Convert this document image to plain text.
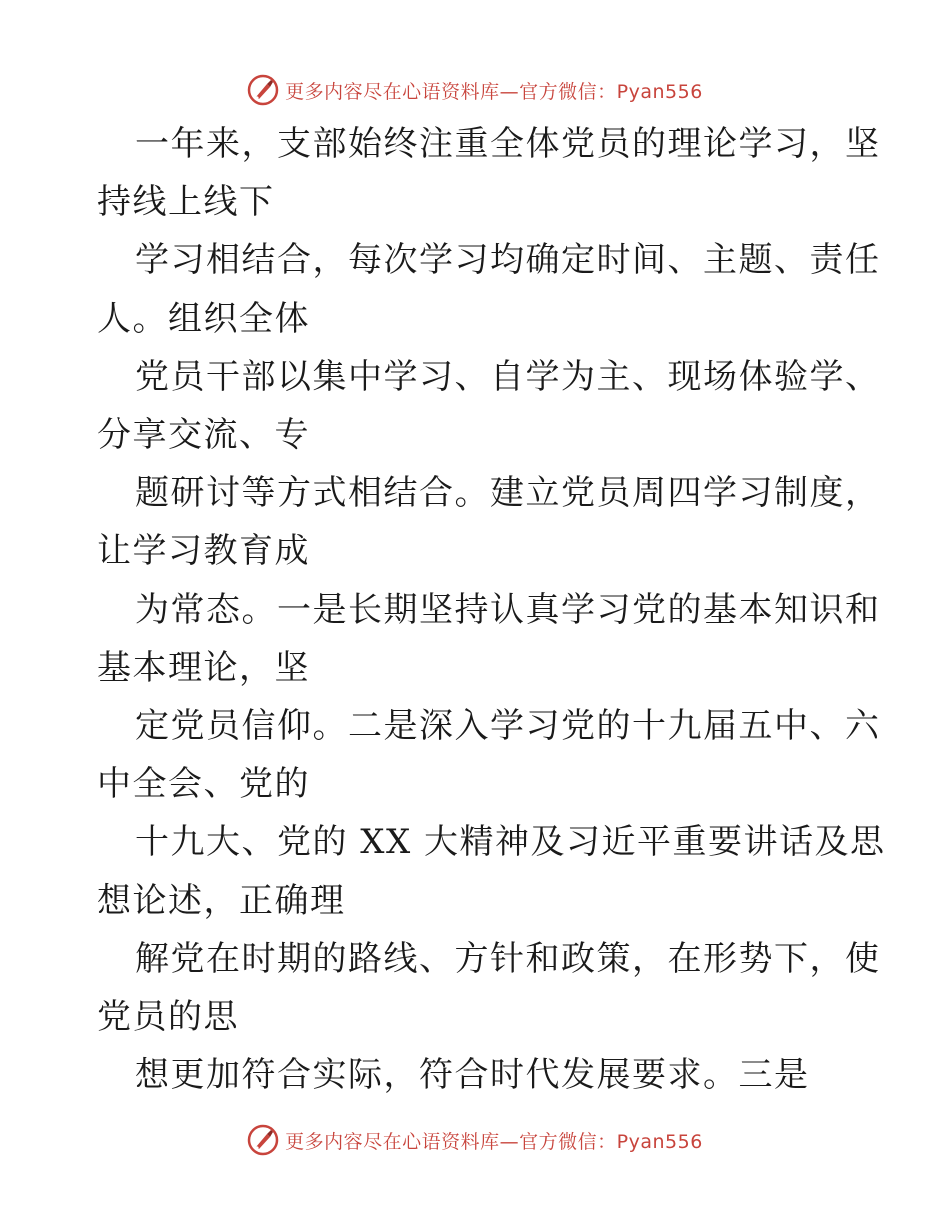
更多内容尽在心语资料库—官方微信：Pyan556
一年来，支部始终注重全体党员的理论学习，坚
持线上线下
学习相结合，每次学习均确定时间、主题、责任
人。组织全体
党员干部以集中学习、自学为主、现场体验学、
分享交流、专
题研讨等方式相结合。建立党员周四学习制度，
让学习教育成
为常态。一是长期坚持认真学习党的基本知识和
基本理论，坚
定党员信仰。二是深入学习党的十九届五中、六
中全会、党的
十九大、党的 XX 大精神及习近平重要讲话及思
想论述，正确理
解党在时期的路线、方针和政策，在形势下，使
党员的思
想更加符合实际，符合时代发展要求。三是
更多内容尽在心语资料库—官方微信：Pyan556
